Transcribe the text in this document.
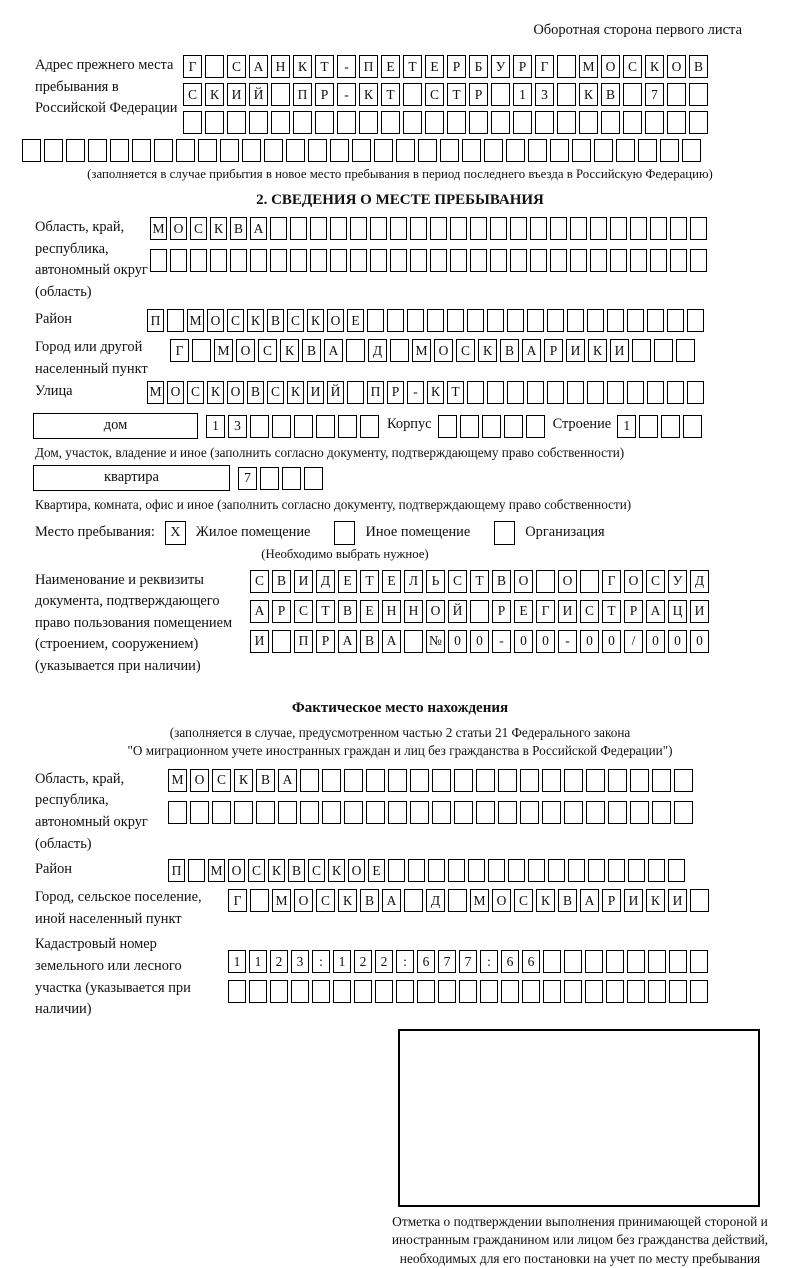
Оборотная сторона первого листа
Адрес прежнего места пребывания в Российской Федерации
Г	С А Н К Т	-	П Е	Т	Е	Р	Б У Р	Г	М О С К О В
С К И Й	П Р	-	К Т	С Т	Р	1	3	К В	7
(заполняется в случае прибытия в новое место пребывания в период последнего въезда в Российскую Федерацию)
2. СВЕДЕНИЯ О МЕСТЕ ПРЕБЫВАНИЯ
Область, край, республика, автономный округ (область)
М О С К В А
Район	П М О С К В С К О Е
Город или другой населенный пункт
Г	М О С К В А	Д	М О С К В А Р И К И
Улица	М О С К О В С К И Й П Р	- К Т
дом	1	3	Корпус	Строение 1
Дом, участок, владение и иное (заполнить согласно документу, подтверждающему право собственности)
квартира	7
Квартира, комната, офис и иное (заполнить согласно документу, подтверждающему право собственности)
Место пребывания:	X	Жилое помещение	Иное помещение	Организация
(Необходимо выбрать нужное)
Наименование и реквизиты документа, подтверждающего право пользования помещением (строением, сооружением) (указывается при наличии)
С В И Д Е	Т	Е Л	Ь	С Т В О	О	Г О С У Д
А Р	С Т В Е Н Н О Й	Р	Е	Г И С Т	Р А Ц И
И	П Р А В А	№ 0	0	-	0	0	-	0	0	/	0	0	0
Фактическое место нахождения
(заполняется в случае, предусмотренном частью 2 статьи 21 Федерального закона
"О миграционном учете иностранных граждан и лиц без гражданства в Российской Федерации")
Область, край, республика, автономный округ (область)
М О С К В А
Район	П М О С К В С К О Е
Город, сельское поселение, иной населенный пункт
Г	М О С К В А	Д	М О С К В А Р И К И
Кадастровый номер земельного или лесного участка (указывается при наличии)
1	1	2	3	:	1	2	2	:	6	7	7	:	6	6
Отметка о подтверждении выполнения принимающей стороной и иностранным гражданином или лицом без гражданства действий, необходимых для его постановки на учет по месту пребывания
